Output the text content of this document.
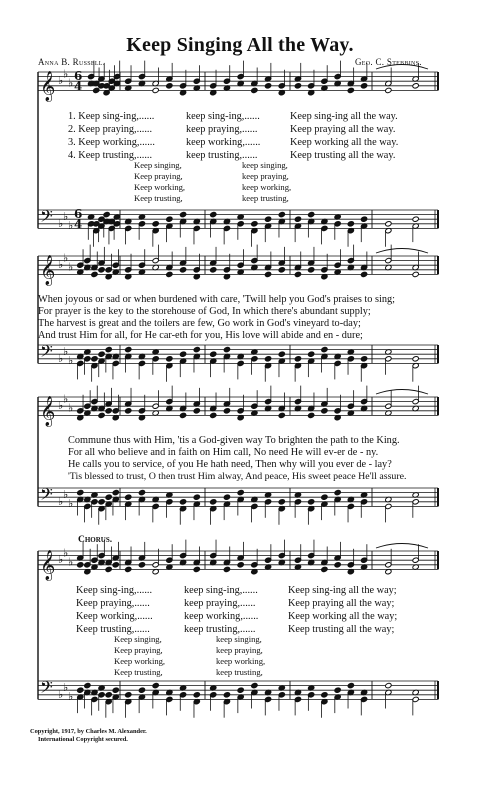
𝄞 ♭
♭
♭ 6
4
𝄢 ♭
♭
♭
6
4
𝄞 ♭
♭
♭
𝄢 ♭
♭
♭
𝄞 ♭
♭
♭
𝄢 ♭
♭
♭
𝄞 ♭
♭
♭
𝄢 ♭
♭
♭
Keep Singing All the Way.
Anna B. Russell.	Geo. C. Stebbins.
1. Keep sing-ing,......	keep sing-ing,......	Keep sing-ing all the way.
2. Keep praying,......	keep praying,......	Keep praying all the way.
3. Keep working,......	keep working,......	Keep working all the way.
4. Keep trusting,......	keep trusting,......	Keep trusting all the way.
Keep singing,	keep singing,
Keep praying,	keep praying,
Keep working,	keep working,
Keep trusting,	keep trusting,
When joyous or sad or when burdened with care, 'Twill help you God's praises to sing;
For prayer is the key to the storehouse of God, In which there's abundant supply;
The harvest is great and the toilers are few, Go work in God's vineyard to-day;
And trust Him for all, for He car-eth for you, His love will abide and en - dure;
Commune thus with Him, 'tis a God-given way To brighten the path to the King.
For all who believe and in faith on Him call, No need He will ev-er de - ny.
He calls you to service, of you He hath need, Then why will you ever de - lay?
'Tis blessed to trust, O then trust Him alway, And peace, His sweet peace He'll assure.
Chorus.
Keep sing-ing,......	keep sing-ing,......	Keep sing-ing all the way;
Keep praying,......	keep praying,......	Keep praying all the way;
Keep working,......	keep working,......	Keep working all the way;
Keep trusting,......	keep trusting,......	Keep trusting all the way;
Keep singing,	keep singing,
Keep praying,	keep praying,
Keep working,	keep working,
Keep trusting,	keep trusting,
Copyright, 1917, by Charles M. Alexander.
International Copyright secured.
